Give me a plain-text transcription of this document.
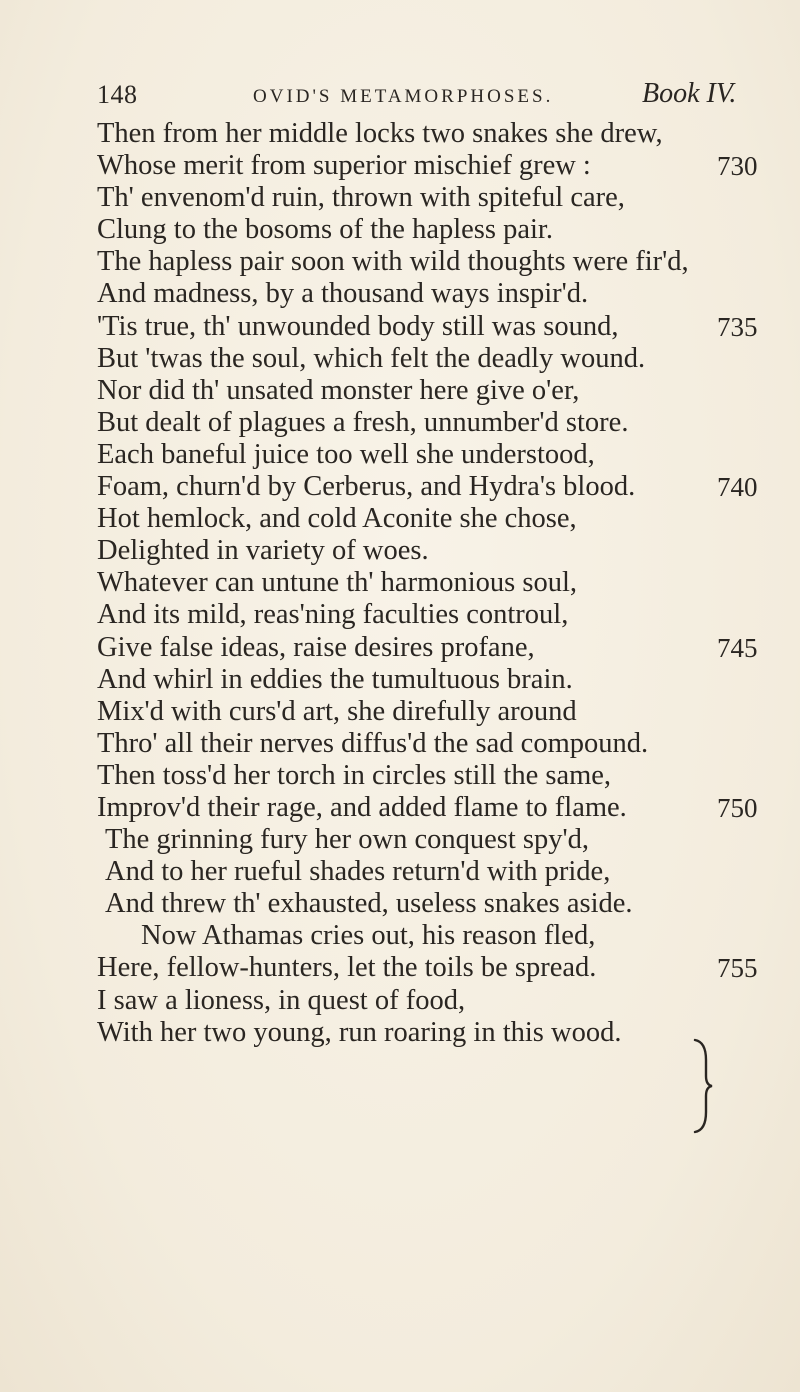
148	OVID'S METAMORPHOSES.	Book IV.
Then from her middle locks two snakes she drew,
Whose merit from superior mischief grew :	730
Th' envenom'd ruin, thrown with spiteful care,
Clung to the bosoms of the hapless pair.
The hapless pair soon with wild thoughts were fir'd,
And madness, by a thousand ways inspir'd.
'Tis true, th' unwounded body still was sound,	735
But 'twas the soul, which felt the deadly wound.
Nor did th' unsated monster here give o'er,
But dealt of plagues a fresh, unnumber'd store.
Each baneful juice too well she understood,
Foam, churn'd by Cerberus, and Hydra's blood.	740
Hot hemlock, and cold Aconite she chose,
Delighted in variety of woes.
Whatever can untune th' harmonious soul,
And its mild, reas'ning faculties controul,
Give false ideas, raise desires profane,	745
And whirl in eddies the tumultuous brain.
Mix'd with curs'd art, she direfully around
Thro' all their nerves diffus'd the sad compound.
Then toss'd her torch in circles still the same,
Improv'd their rage, and added flame to flame.	750
The grinning fury her own conquest spy'd,
And to her rueful shades return'd with pride,
And threw th' exhausted, useless snakes aside.
Now Athamas cries out, his reason fled,
Here, fellow-hunters, let the toils be spread.	755
I saw a lioness, in quest of food,
With her two young, run roaring in this wood.
